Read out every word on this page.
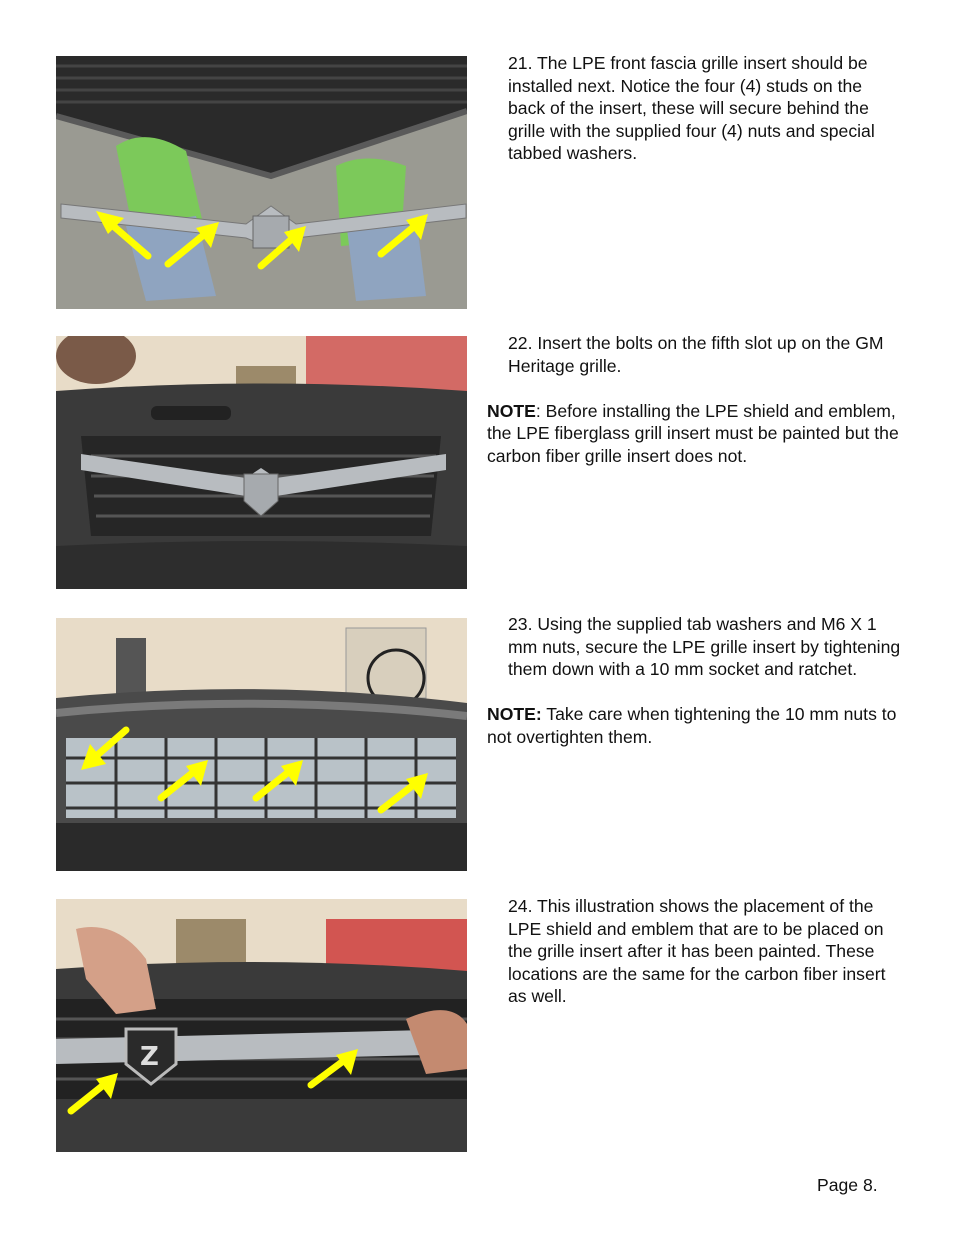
21. The LPE front fascia grille insert should be installed next. Notice the four (4) studs on the back of the insert, these will secure behind the grille with the supplied four (4) nuts and special tabbed washers.

22. Insert the bolts on the fifth slot up on the GM Heritage grille.

NOTE: Before installing the LPE shield and emblem, the LPE fiberglass grill insert must be painted but the carbon fiber grille insert does not.

23. Using the supplied tab washers and M6 X 1 mm nuts, secure the LPE grille insert by tightening them down with a 10 mm socket and ratchet.

NOTE: Take care when tightening the 10 mm nuts to not overtighten them.

Z

24. This illustration shows the placement of the LPE shield and emblem that are to be placed on the grille insert after it has been painted. These locations are the same for the carbon fiber insert as well.

Page 8.
